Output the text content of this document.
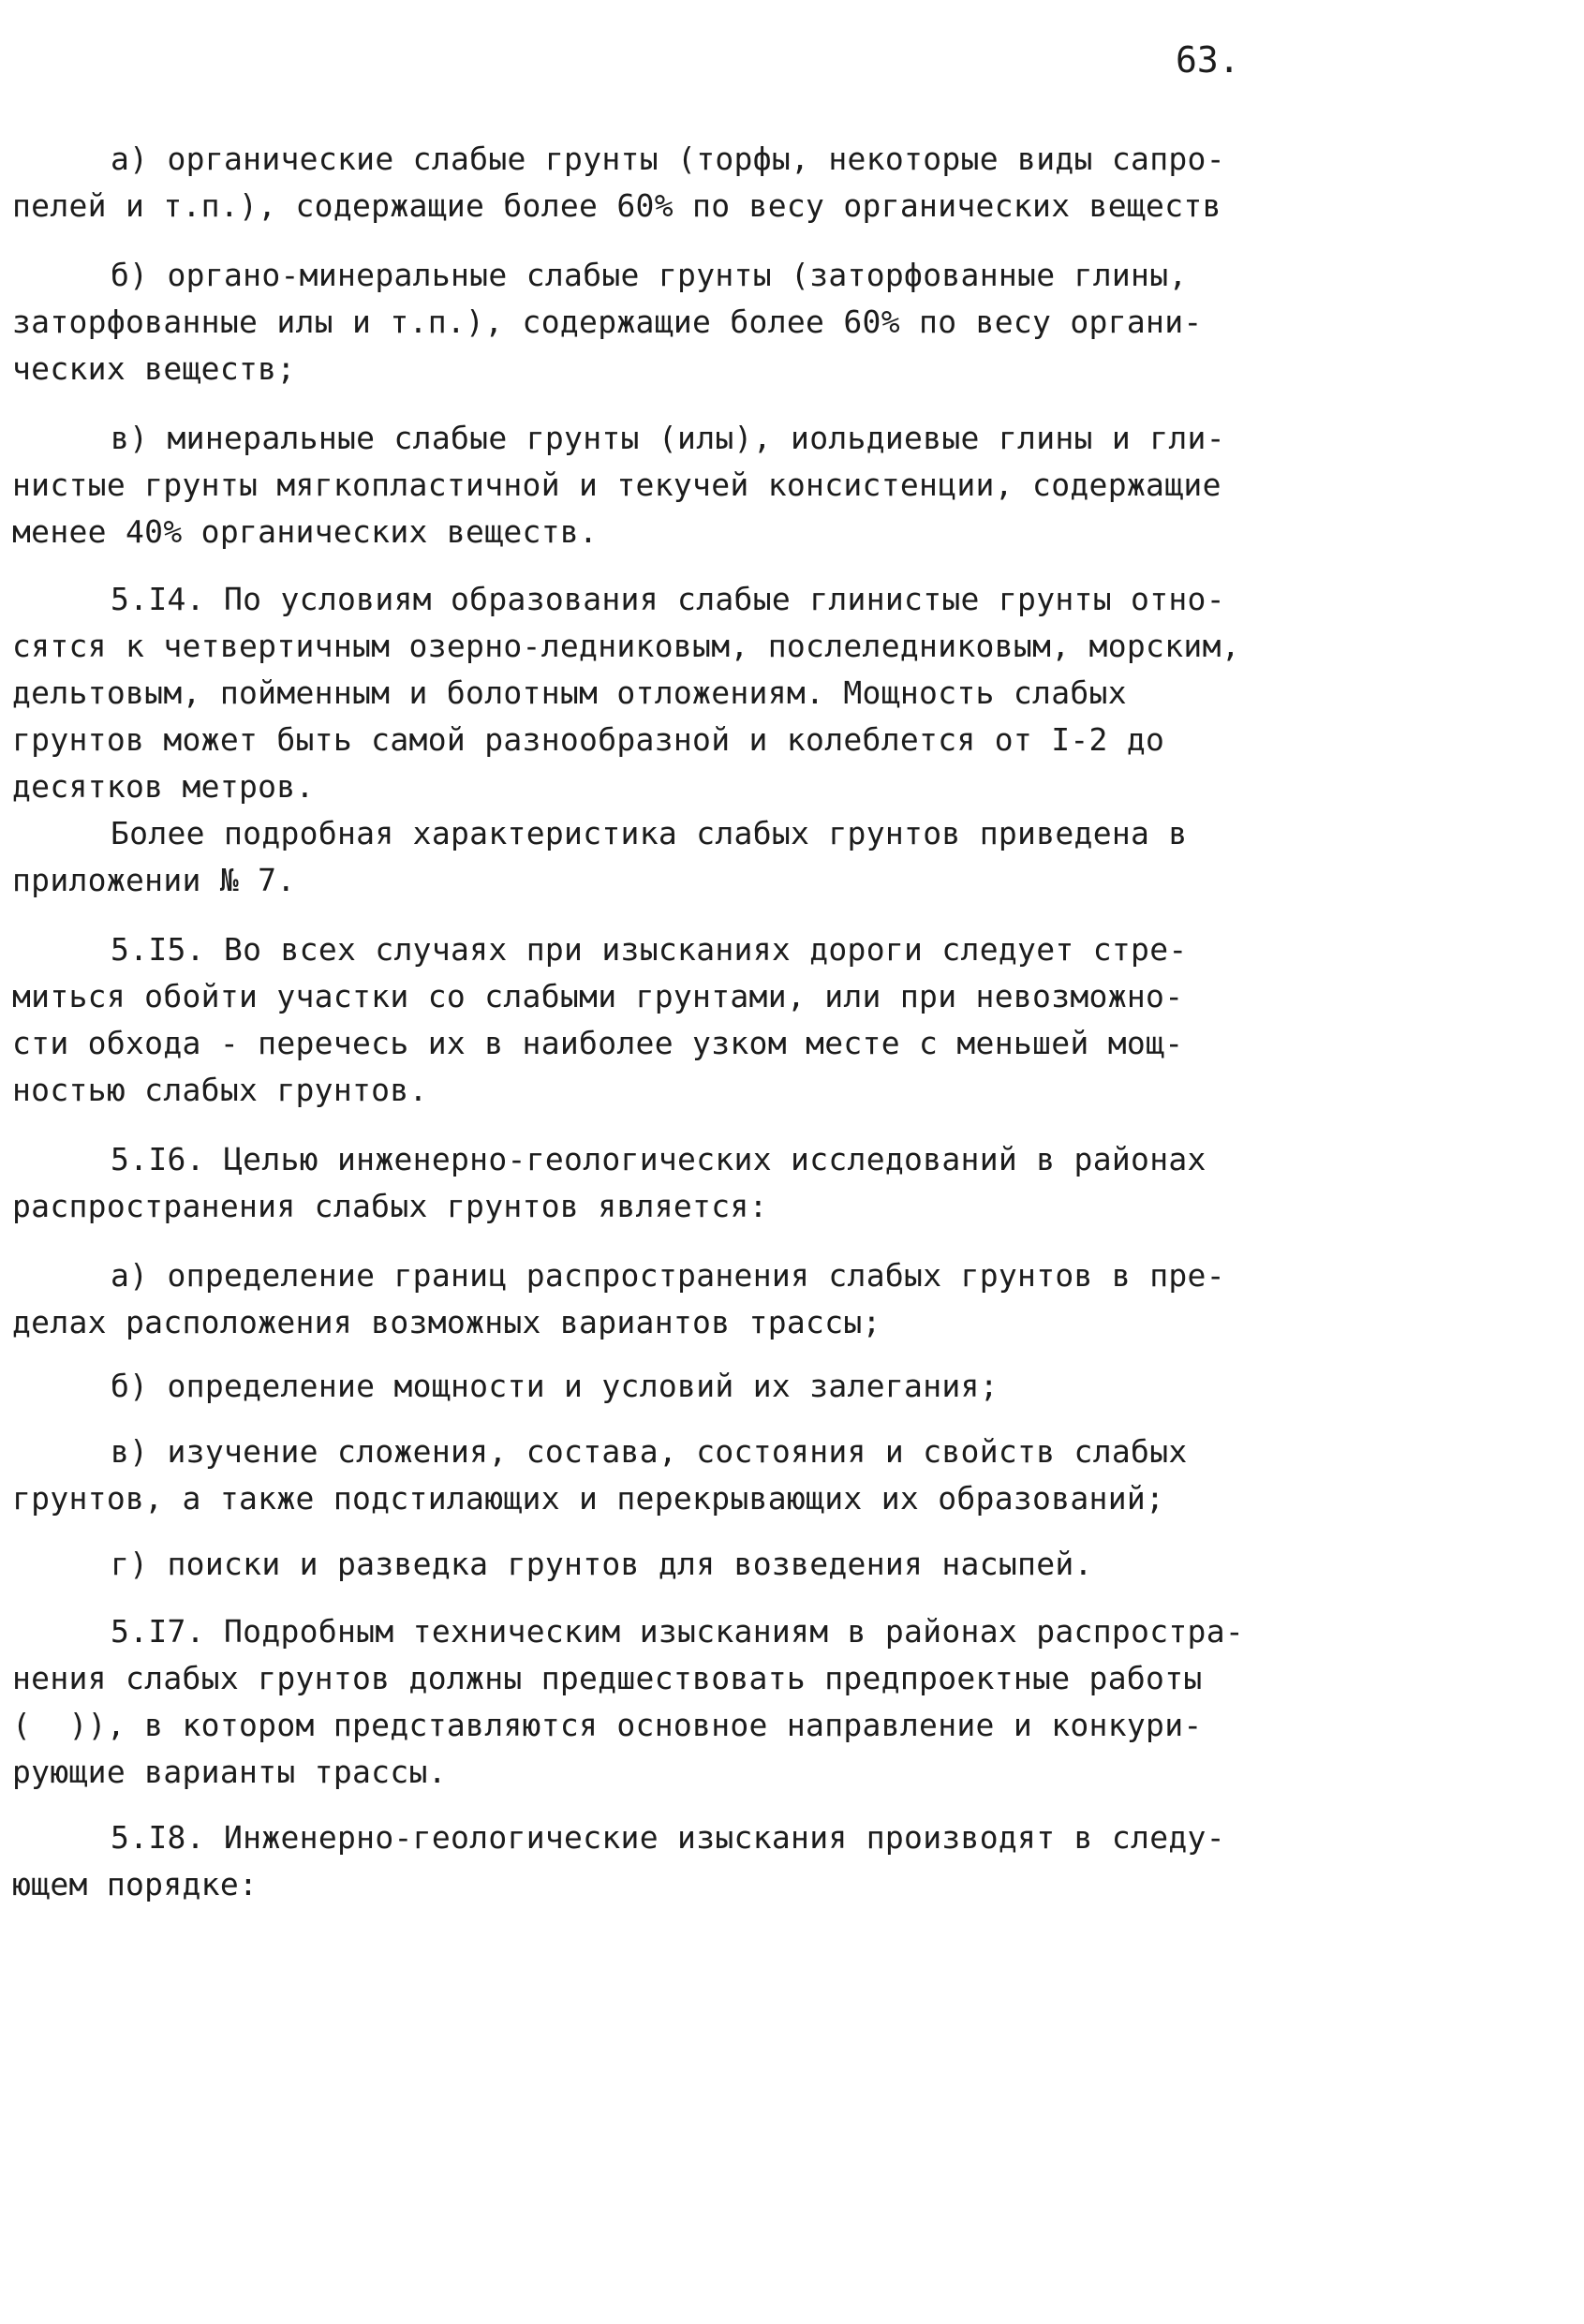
63.
а) органические слабые грунты (торфы, некоторые виды сапро-
пелей и т.п.), содержащие более 60% по весу органических веществ
б) органо-минеральные слабые грунты (заторфованные глины,
заторфованные илы и т.п.), содержащие более 60% по весу органи-
ческих веществ;
в) минеральные слабые грунты (илы), иольдиевые глины и гли-
нистые грунты мягкопластичной и текучей консистенции, содержащие
менее 40% органических веществ.
5.I4. По условиям образования слабые глинистые грунты отно-
сятся к четвертичным озерно-ледниковым, послеледниковым, морским,
дельтовым, пойменным и болотным отложениям. Мощность слабых
грунтов может быть самой разнообразной и колеблется от I-2 до
десятков метров.
Более подробная характеристика слабых грунтов приведена в
приложении № 7.
5.I5. Во всех случаях при изысканиях дороги следует стре-
миться обойти участки со слабыми грунтами, или при невозможно-
сти обхода - перечесь их в наиболее узком месте с меньшей мощ-
ностью слабых грунтов.
5.I6. Целью инженерно-геологических исследований в районах
распространения слабых грунтов является:
а) определение границ распространения слабых грунтов в пре-
делах расположения возможных вариантов трассы;
б) определение мощности и условий их залегания;
в) изучение сложения, состава, состояния и свойств слабых
грунтов, а также подстилающих и перекрывающих их образований;
г) поиски и разведка грунтов для возведения насыпей.
5.I7. Подробным техническим изысканиям в районах распростра-
нения слабых грунтов должны предшествовать предпроектные работы
(  )), в котором представляются основное направление и конкури-
рующие варианты трассы.
5.I8. Инженерно-геологические изыскания производят в следу-
ющем порядке:
